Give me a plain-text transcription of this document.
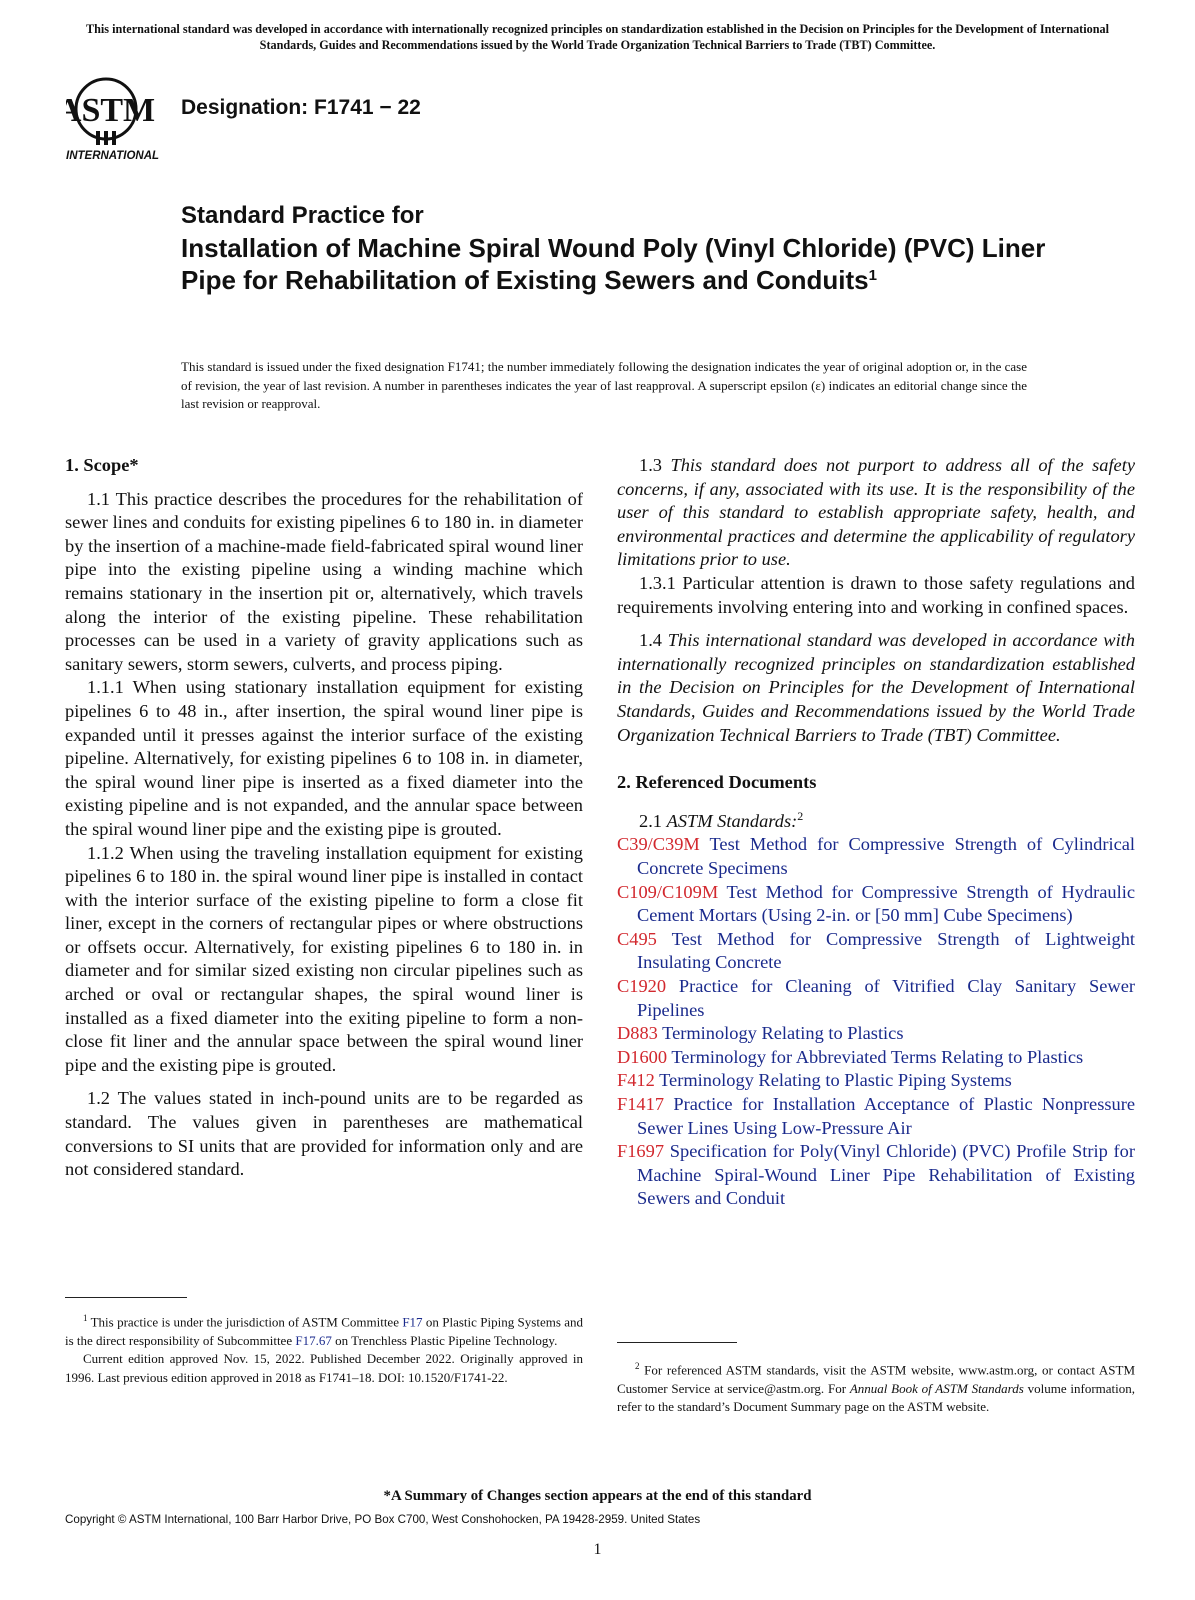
This international standard was developed in accordance with internationally recognized principles on standardization established in the Decision on Principles for the Development of International Standards, Guides and Recommendations issued by the World Trade Organization Technical Barriers to Trade (TBT) Committee.
ASTM
INTERNATIONAL
Designation: F1741 − 22
Standard Practice for
Installation of Machine Spiral Wound Poly (Vinyl Chloride) (PVC) Liner Pipe for Rehabilitation of Existing Sewers and Conduits$^1$
This standard is issued under the fixed designation F1741; the number immediately following the designation indicates the year of original adoption or, in the case of revision, the year of last revision. A number in parentheses indicates the year of last reapproval. A superscript epsilon (ε) indicates an editorial change since the last revision or reapproval.
1. Scope*

1.1 This practice describes the procedures for the rehabilitation of sewer lines and conduits for existing pipelines 6 to 180 in. in diameter by the insertion of a machine-made field-fabricated spiral wound liner pipe into the existing pipeline using a winding machine which remains stationary in the insertion pit or, alternatively, which travels along the interior of the existing pipeline. These rehabilitation processes can be used in a variety of gravity applications such as sanitary sewers, storm sewers, culverts, and process piping.

1.1.1 When using stationary installation equipment for existing pipelines 6 to 48 in., after insertion, the spiral wound liner pipe is expanded until it presses against the interior surface of the existing pipeline. Alternatively, for existing pipelines 6 to 108 in. in diameter, the spiral wound liner pipe is inserted as a fixed diameter into the existing pipeline and is not expanded, and the annular space between the spiral wound liner pipe and the existing pipe is grouted.

1.1.2 When using the traveling installation equipment for existing pipelines 6 to 180 in. the spiral wound liner pipe is installed in contact with the interior surface of the existing pipeline to form a close fit liner, except in the corners of rectangular pipes or where obstructions or offsets occur. Alternatively, for existing pipelines 6 to 180 in. in diameter and for similar sized existing non circular pipelines such as arched or oval or rectangular shapes, the spiral wound liner is installed as a fixed diameter into the exiting pipeline to form a non-close fit liner and the annular space between the spiral wound liner pipe and the existing pipe is grouted.

1.2 The values stated in inch-pound units are to be regarded as standard. The values given in parentheses are mathematical conversions to SI units that are provided for information only and are not considered standard.

1.3 This standard does not purport to address all of the safety concerns, if any, associated with its use. It is the responsibility of the user of this standard to establish appropriate safety, health, and environmental practices and determine the applicability of regulatory limitations prior to use.

1.3.1 Particular attention is drawn to those safety regulations and requirements involving entering into and working in confined spaces.

1.4 This international standard was developed in accordance with internationally recognized principles on standardization established in the Decision on Principles for the Development of International Standards, Guides and Recommendations issued by the World Trade Organization Technical Barriers to Trade (TBT) Committee.

2. Referenced Documents

2.1 ASTM Standards:$^2$

C39/C39M Test Method for Compressive Strength of Cylindrical Concrete Specimens

C109/C109M Test Method for Compressive Strength of Hydraulic Cement Mortars (Using 2-in. or [50 mm] Cube Specimens)

C495 Test Method for Compressive Strength of Lightweight Insulating Concrete

C1920 Practice for Cleaning of Vitrified Clay Sanitary Sewer Pipelines

D883 Terminology Relating to Plastics

D1600 Terminology for Abbreviated Terms Relating to Plastics

F412 Terminology Relating to Plastic Piping Systems

F1417 Practice for Installation Acceptance of Plastic Nonpressure Sewer Lines Using Low-Pressure Air

F1697 Specification for Poly(Vinyl Chloride) (PVC) Profile Strip for Machine Spiral-Wound Liner Pipe Rehabilitation of Existing Sewers and Conduit

$^1$ This practice is under the jurisdiction of ASTM Committee F17 on Plastic Piping Systems and is the direct responsibility of Subcommittee F17.67 on Trenchless Plastic Pipeline Technology.

Current edition approved Nov. 15, 2022. Published December 2022. Originally approved in 1996. Last previous edition approved in 2018 as F1741–18. DOI: 10.1520/F1741-22.

$^2$ For referenced ASTM standards, visit the ASTM website, www.astm.org, or contact ASTM Customer Service at service@astm.org. For Annual Book of ASTM Standards volume information, refer to the standard’s Document Summary page on the ASTM website.

*A Summary of Changes section appears at the end of this standard
Copyright © ASTM International, 100 Barr Harbor Drive, PO Box C700, West Conshohocken, PA 19428-2959. United States
1
